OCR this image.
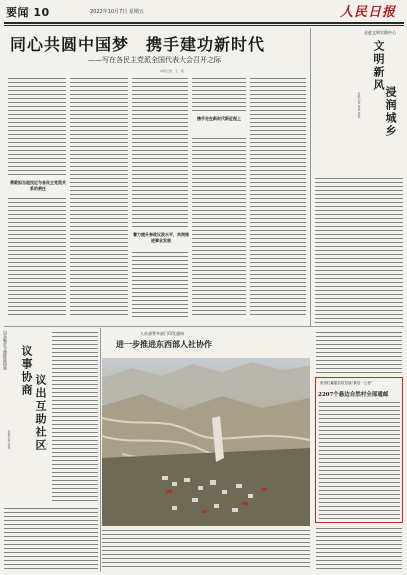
要闻 10	2022年10月7日 星期五	人民日报
同心共圆中国梦　携手建功新时代
——写在各民主党派全国代表大会召开之际
本报记者　王　某
勇敢担当起拉近与各民主党派关系的责任
着力提升参政议政水平，共同推进事业发展
携手走在新时代新征程上
走进文明实践中心
文明新风
浸润城乡
本报记者 某某 某某
山东临沂全面推进协商 议事协商
议出互助社区
本报记者 某某
人社部等多部门印发通知
进一步推进东西部人社协作
贵州打赢脱贫攻坚战“最后一公里”
2207个悬边自然村全部通邮
